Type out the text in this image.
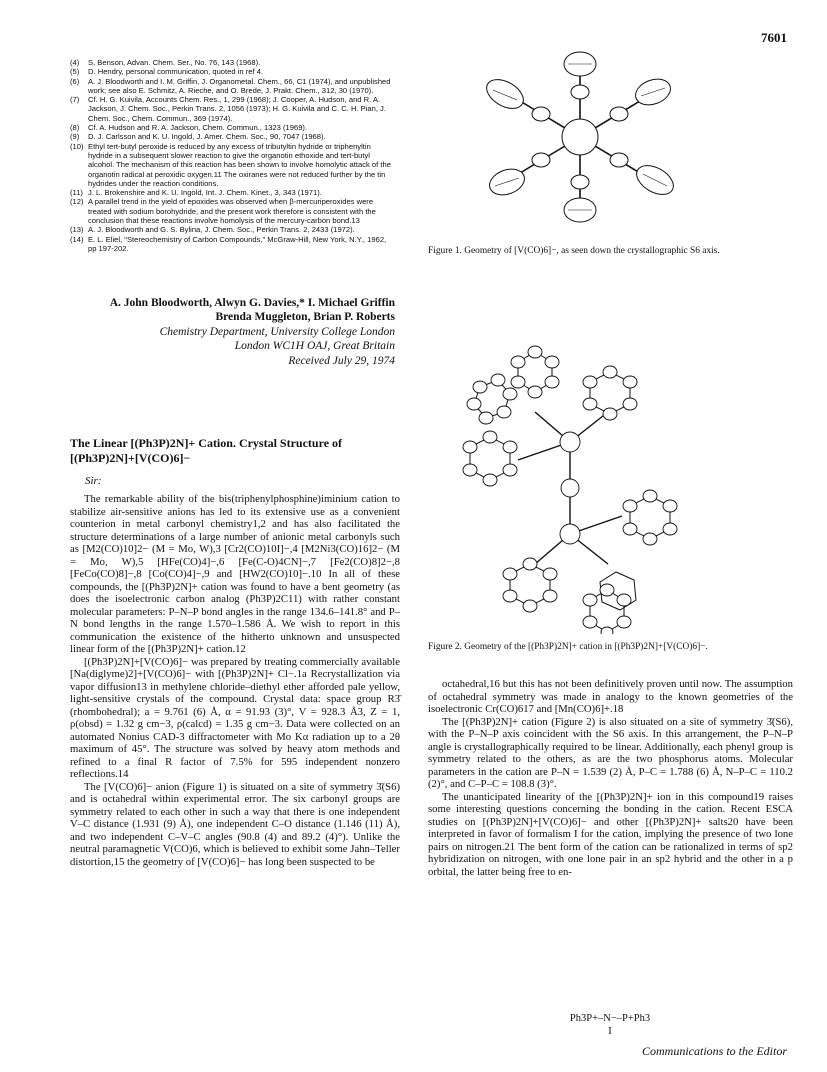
7601
(4)	S. Benson, Advan. Chem. Ser., No. 76, 143 (1968).
(5)	D. Hendry, personal communication, quoted in ref 4.
(6)	A. J. Bloodworth and I. M. Griffin, J. Organometal. Chem., 66, C1 (1974), and unpublished work; see also E. Schmitz, A. Rieche, and O. Brede, J. Prakt. Chem., 312, 30 (1970).
(7)	Cf. H. G. Kuivila, Accounts Chem. Res., 1, 299 (1968); J. Cooper, A. Hudson, and R. A. Jackson, J. Chem. Soc., Perkin Trans. 2, 1056 (1973); H. G. Kuivila and C. C. H. Pian, J. Chem. Soc., Chem. Commun., 369 (1974).
(8)	Cf. A. Hudson and R. A. Jackson, Chem. Commun., 1323 (1969).
(9)	D. J. Carlsson and K. U. Ingold, J. Amer. Chem. Soc., 90, 7047 (1968).
(10) Ethyl tert-butyl peroxide is reduced by any excess of tributyltin hydride or triphenyltin hydride in a subsequent slower reaction to give the organotin ethoxide and tert-butyl alcohol. The mechanism of this reaction has been shown to involve homolytic attack of the organotin radical at peroxidic oxygen.11 The oxiranes were not reduced further by the tin hydrides under the reaction conditions.
(11) J. L. Brokenshire and K. U. Ingold, Int. J. Chem. Kinet., 3, 343 (1971).
(12) A parallel trend in the yield of epoxides was observed when β-mercuriperoxides were treated with sodium borohydride, and the present work therefore is consistent with the conclusion that these reactions involve homolysis of the mercury-carbon bond.13
(13) A. J. Bloodworth and G. S. Bylina, J. Chem. Soc., Perkin Trans. 2, 2433 (1972).
(14) E. L. Eliel, "Stereochemistry of Carbon Compounds," McGraw-Hill, New York, N.Y., 1962, pp 197-202.
A. John Bloodworth, Alwyn G. Davies,* I. Michael Griffin
Brenda Muggleton, Brian P. Roberts
Chemistry Department, University College London
London WC1H OAJ, Great Britain
Received July 29, 1974
The Linear [(Ph3P)2N]+ Cation. Crystal Structure of
[(Ph3P)2N]+[V(CO)6]−
Sir:

The remarkable ability of the bis(triphenylphosphine)iminium cation to stabilize air-sensitive anions has led to its extensive use as a convenient counterion in metal carbonyl chemistry1,2 and has also facilitated the structure determinations of a large number of anionic metal carbonyls such as [M2(CO)10]2− (M = Mo, W),3 [Cr2(CO)10I]−,4 [M2Ni3(CO)16]2− (M = Mo, W),5 [HFe(CO)4]−,6 [Fe(C-O)4CN]−,7 [Fe2(CO)8]2−,8 [FeCo(CO)8]−,8 [Co(CO)4]−,9 and [HW2(CO)10]−.10 In all of these compounds, the [(Ph3P)2N]+ cation was found to have a bent geometry (as does the isoelectronic carbon analog (Ph3P)2C11) with rather constant molecular parameters: P–N–P bond angles in the range 134.6–141.8° and P–N bond lengths in the range 1.570–1.586 Å. We wish to report in this communication the existence of the hitherto unknown and unsuspected linear form of the [(Ph3P)2N]+ cation.12

[(Ph3P)2N]+[V(CO)6]− was prepared by treating commercially available [Na(diglyme)2]+[V(CO)6]− with [(Ph3P)2N]+ Cl−.1a Recrystallization via vapor diffusion13 in methylene chloride–diethyl ether afforded pale yellow, light-sensitive crystals of the compound. Crystal data: space group R3̄ (rhombohedral); a = 9.761 (6) Å, α = 91.93 (3)°, V = 928.3 Å3, Z = 1, ρ(obsd) = 1.32 g cm−3, ρ(calcd) = 1.35 g cm−3. Data were collected on an automated Nonius CAD-3 diffractometer with Mo Kα radiation up to a 2θ maximum of 45°. The structure was solved by heavy atom methods and refined to a final R factor of 7.5% for 595 independent nonzero reflections.14

The [V(CO)6]− anion (Figure 1) is situated on a site of symmetry 3̄(S6) and is octahedral within experimental error. The six carbonyl groups are symmetry related to each other in such a way that there is one independent V–C distance (1.931 (9) Å), one independent C–O distance (1.146 (11) Å), and two independent C–V–C angles (90.8 (4) and 89.2 (4)°). Unlike the neutral paramagnetic V(CO)6, which is believed to exhibit some Jahn–Teller distortion,15 the geometry of [V(CO)6]− has long been suspected to be

Figure 1. Geometry of [V(CO)6]−, as seen down the crystallographic S6 axis.
Figure 2. Geometry of the [(Ph3P)2N]+ cation in [(Ph3P)2N]+[V(CO)6]−.

octahedral,16 but this has not been definitively proven until now. The assumption of octahedral symmetry was made in analogy to the known geometries of the isoelectronic Cr(CO)617 and [Mn(CO)6]+.18

The [(Ph3P)2N]+ cation (Figure 2) is also situated on a site of symmetry 3̄(S6), with the P–N–P axis coincident with the S6 axis. In this arrangement, the P–N–P angle is crystallographically required to be linear. Additionally, each phenyl group is symmetry related to the others, as are the two phosphorus atoms. Molecular parameters in the cation are P–N = 1.539 (2) Å, P–C = 1.788 (6) Å, N–P–C = 110.2 (2)°, and C–P–C = 108.8 (3)°.

The unanticipated linearity of the [(Ph3P)2N]+ ion in this compound19 raises some interesting questions concerning the bonding in the cation. Recent ESCA studies on [(Ph3P)2N]+[V(CO)6]− and other [(Ph3P)2N]+ salts20 have been interpreted in favor of formalism I for the cation, implying the presence of two lone pairs on nitrogen.21 The bent form of the cation can be rationalized in terms of sp2 hybridization on nitrogen, with one lone pair in an sp2 hybrid and the other in a p orbital, the latter being free to en-

Ph3P+–N−–P+Ph3
I
Communications to the Editor
